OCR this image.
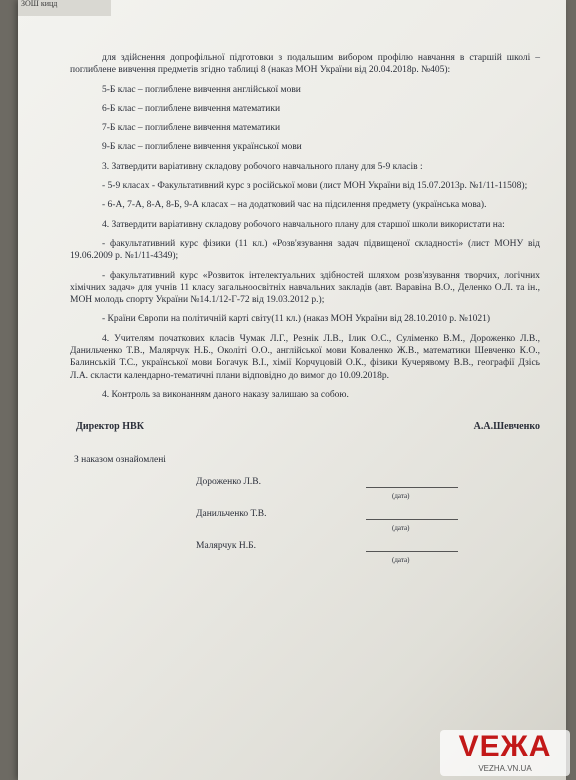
ЗОШ кицд

для здійснення допрофільної підготовки з подальшим вибором профілю навчання в старшій школі – поглиблене вивчення предметів згідно таблиці 8 (наказ МОН України від 20.04.2018р. №405):

5-Б клас – поглиблене вивчення англійської мови

6-Б клас – поглиблене вивчення математики

7-Б клас – поглиблене вивчення математики

9-Б клас – поглиблене вивчення української мови

3. Затвердити варіативну складову робочого навчального плану для 5-9 класів :

- 5-9 класах - Факультативний курс з російської мови (лист МОН України від 15.07.2013р. №1/11-11508);

- 6-А, 7-А, 8-А, 8-Б, 9-А класах – на додатковий час на підсилення предмету (українська мова).

4. Затвердити варіативну складову робочого навчального плану для старшої школи використати на:

- факультативний курс фізики (11 кл.) «Розв'язування задач підвищеної складності» (лист МОНУ від 19.06.2009 р. №1/11-4349);

- факультативний курс «Розвиток інтелектуальних здібностей шляхом розв'язування творчих, логічних хімічних задач» для учнів 11 класу загальноосвітніх навчальних закладів (авт. Варавіна В.О., Деленко О.Л. та ін., МОН молодь спорту України №14.1/12-Г-72 від 19.03.2012 р.);

- Країни Європи на політичній карті світу(11 кл.) (наказ МОН України від 28.10.2010 р. №1021)

4. Учителям початкових класів Чумак Л.Г., Резнік Л.В., Ілик О.С., Суліменко В.М., Дороженко Л.В., Данильченко Т.В., Малярчук Н.Б., Околіті О.О., англійської мови Коваленко Ж.В., математики Шевченко К.О., Балинській Т.С., української мови Богачук В.І., хімії Корчуцовій О.К., фізики Кучерявому В.В., географії Дзісь Л.А. скласти календарно-тематичні плани відповідно до вимог до 10.09.2018р.

4. Контроль за виконанням даного наказу залишаю за собою.

Директор НВК	А.А.Шевченко
З наказом ознайомлені
Дороженко Л.В.
(дата)
Данильченко Т.В.
(дата)
Малярчук Н.Б.
(дата)
VEЖA
VEZHA.VN.UA
